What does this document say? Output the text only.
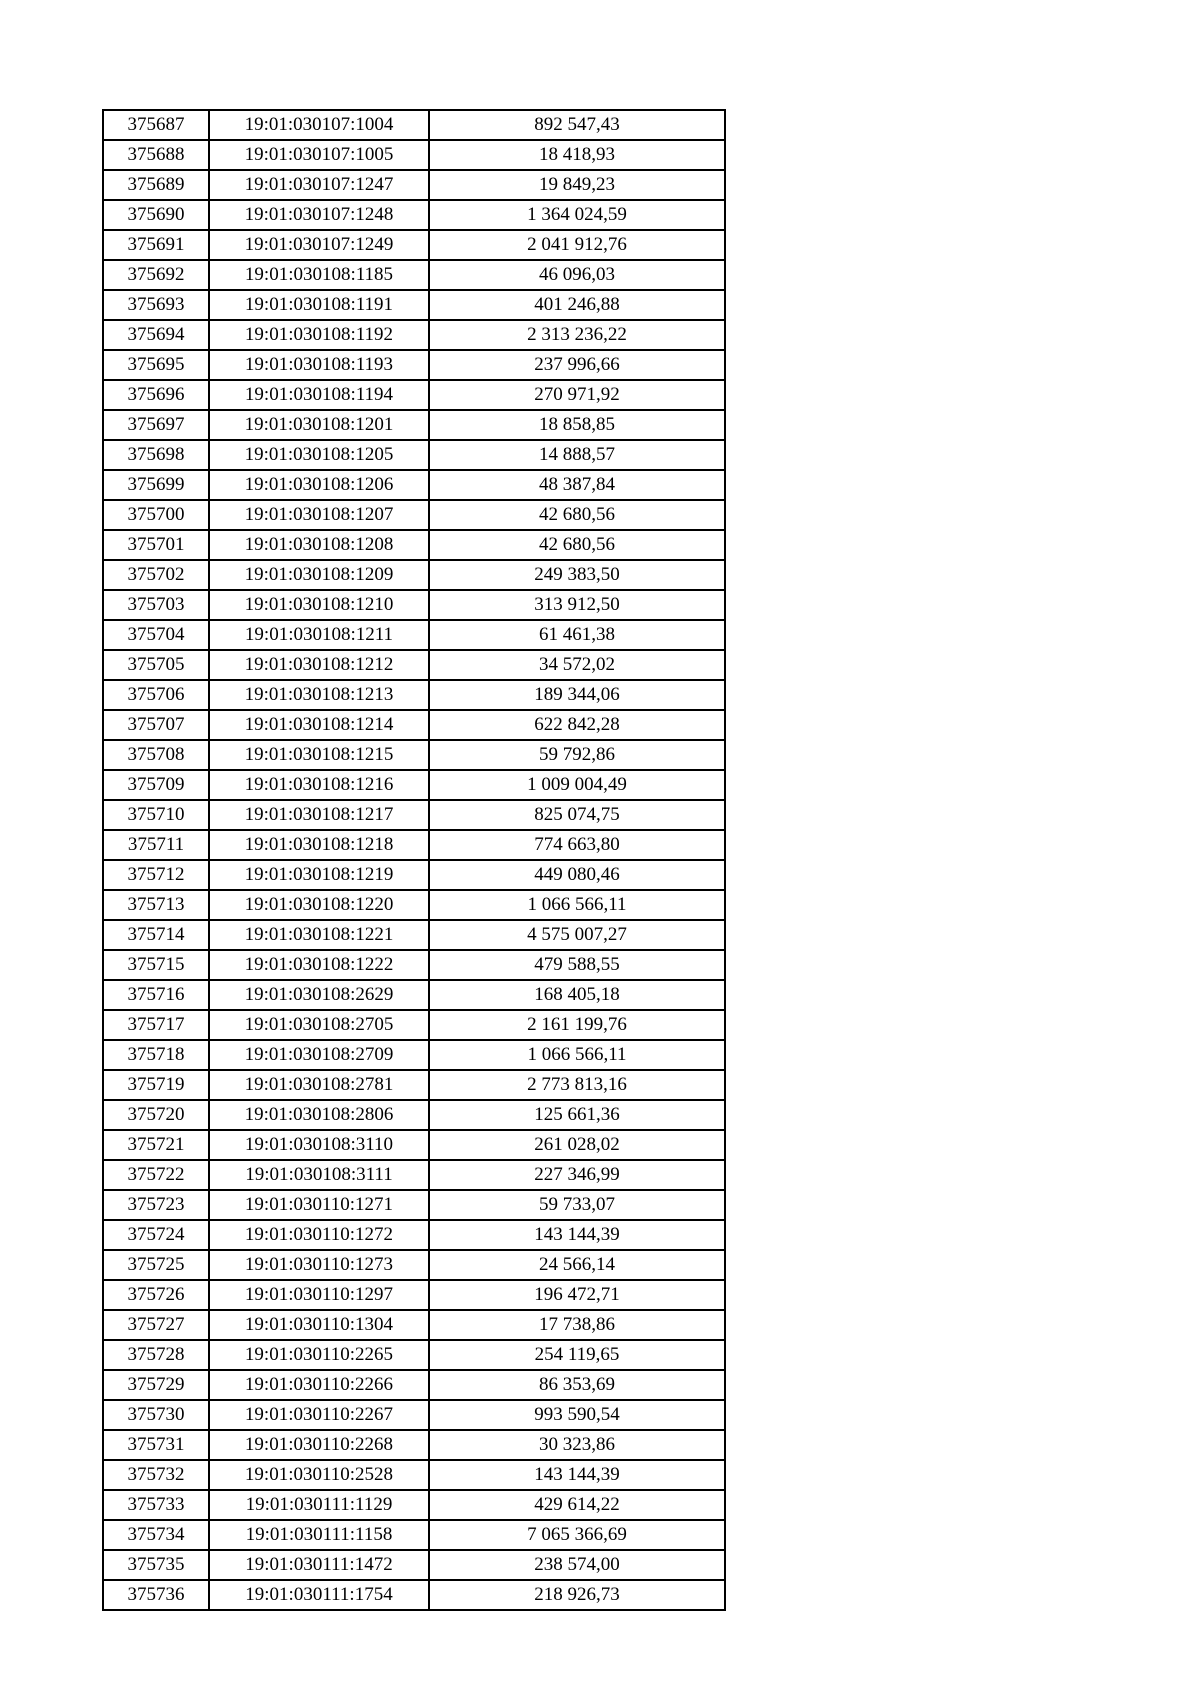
375687	19:01:030107:1004	892 547,43
375688	19:01:030107:1005	18 418,93
375689	19:01:030107:1247	19 849,23
375690	19:01:030107:1248	1 364 024,59
375691	19:01:030107:1249	2 041 912,76
375692	19:01:030108:1185	46 096,03
375693	19:01:030108:1191	401 246,88
375694	19:01:030108:1192	2 313 236,22
375695	19:01:030108:1193	237 996,66
375696	19:01:030108:1194	270 971,92
375697	19:01:030108:1201	18 858,85
375698	19:01:030108:1205	14 888,57
375699	19:01:030108:1206	48 387,84
375700	19:01:030108:1207	42 680,56
375701	19:01:030108:1208	42 680,56
375702	19:01:030108:1209	249 383,50
375703	19:01:030108:1210	313 912,50
375704	19:01:030108:1211	61 461,38
375705	19:01:030108:1212	34 572,02
375706	19:01:030108:1213	189 344,06
375707	19:01:030108:1214	622 842,28
375708	19:01:030108:1215	59 792,86
375709	19:01:030108:1216	1 009 004,49
375710	19:01:030108:1217	825 074,75
375711	19:01:030108:1218	774 663,80
375712	19:01:030108:1219	449 080,46
375713	19:01:030108:1220	1 066 566,11
375714	19:01:030108:1221	4 575 007,27
375715	19:01:030108:1222	479 588,55
375716	19:01:030108:2629	168 405,18
375717	19:01:030108:2705	2 161 199,76
375718	19:01:030108:2709	1 066 566,11
375719	19:01:030108:2781	2 773 813,16
375720	19:01:030108:2806	125 661,36
375721	19:01:030108:3110	261 028,02
375722	19:01:030108:3111	227 346,99
375723	19:01:030110:1271	59 733,07
375724	19:01:030110:1272	143 144,39
375725	19:01:030110:1273	24 566,14
375726	19:01:030110:1297	196 472,71
375727	19:01:030110:1304	17 738,86
375728	19:01:030110:2265	254 119,65
375729	19:01:030110:2266	86 353,69
375730	19:01:030110:2267	993 590,54
375731	19:01:030110:2268	30 323,86
375732	19:01:030110:2528	143 144,39
375733	19:01:030111:1129	429 614,22
375734	19:01:030111:1158	7 065 366,69
375735	19:01:030111:1472	238 574,00
375736	19:01:030111:1754	218 926,73
